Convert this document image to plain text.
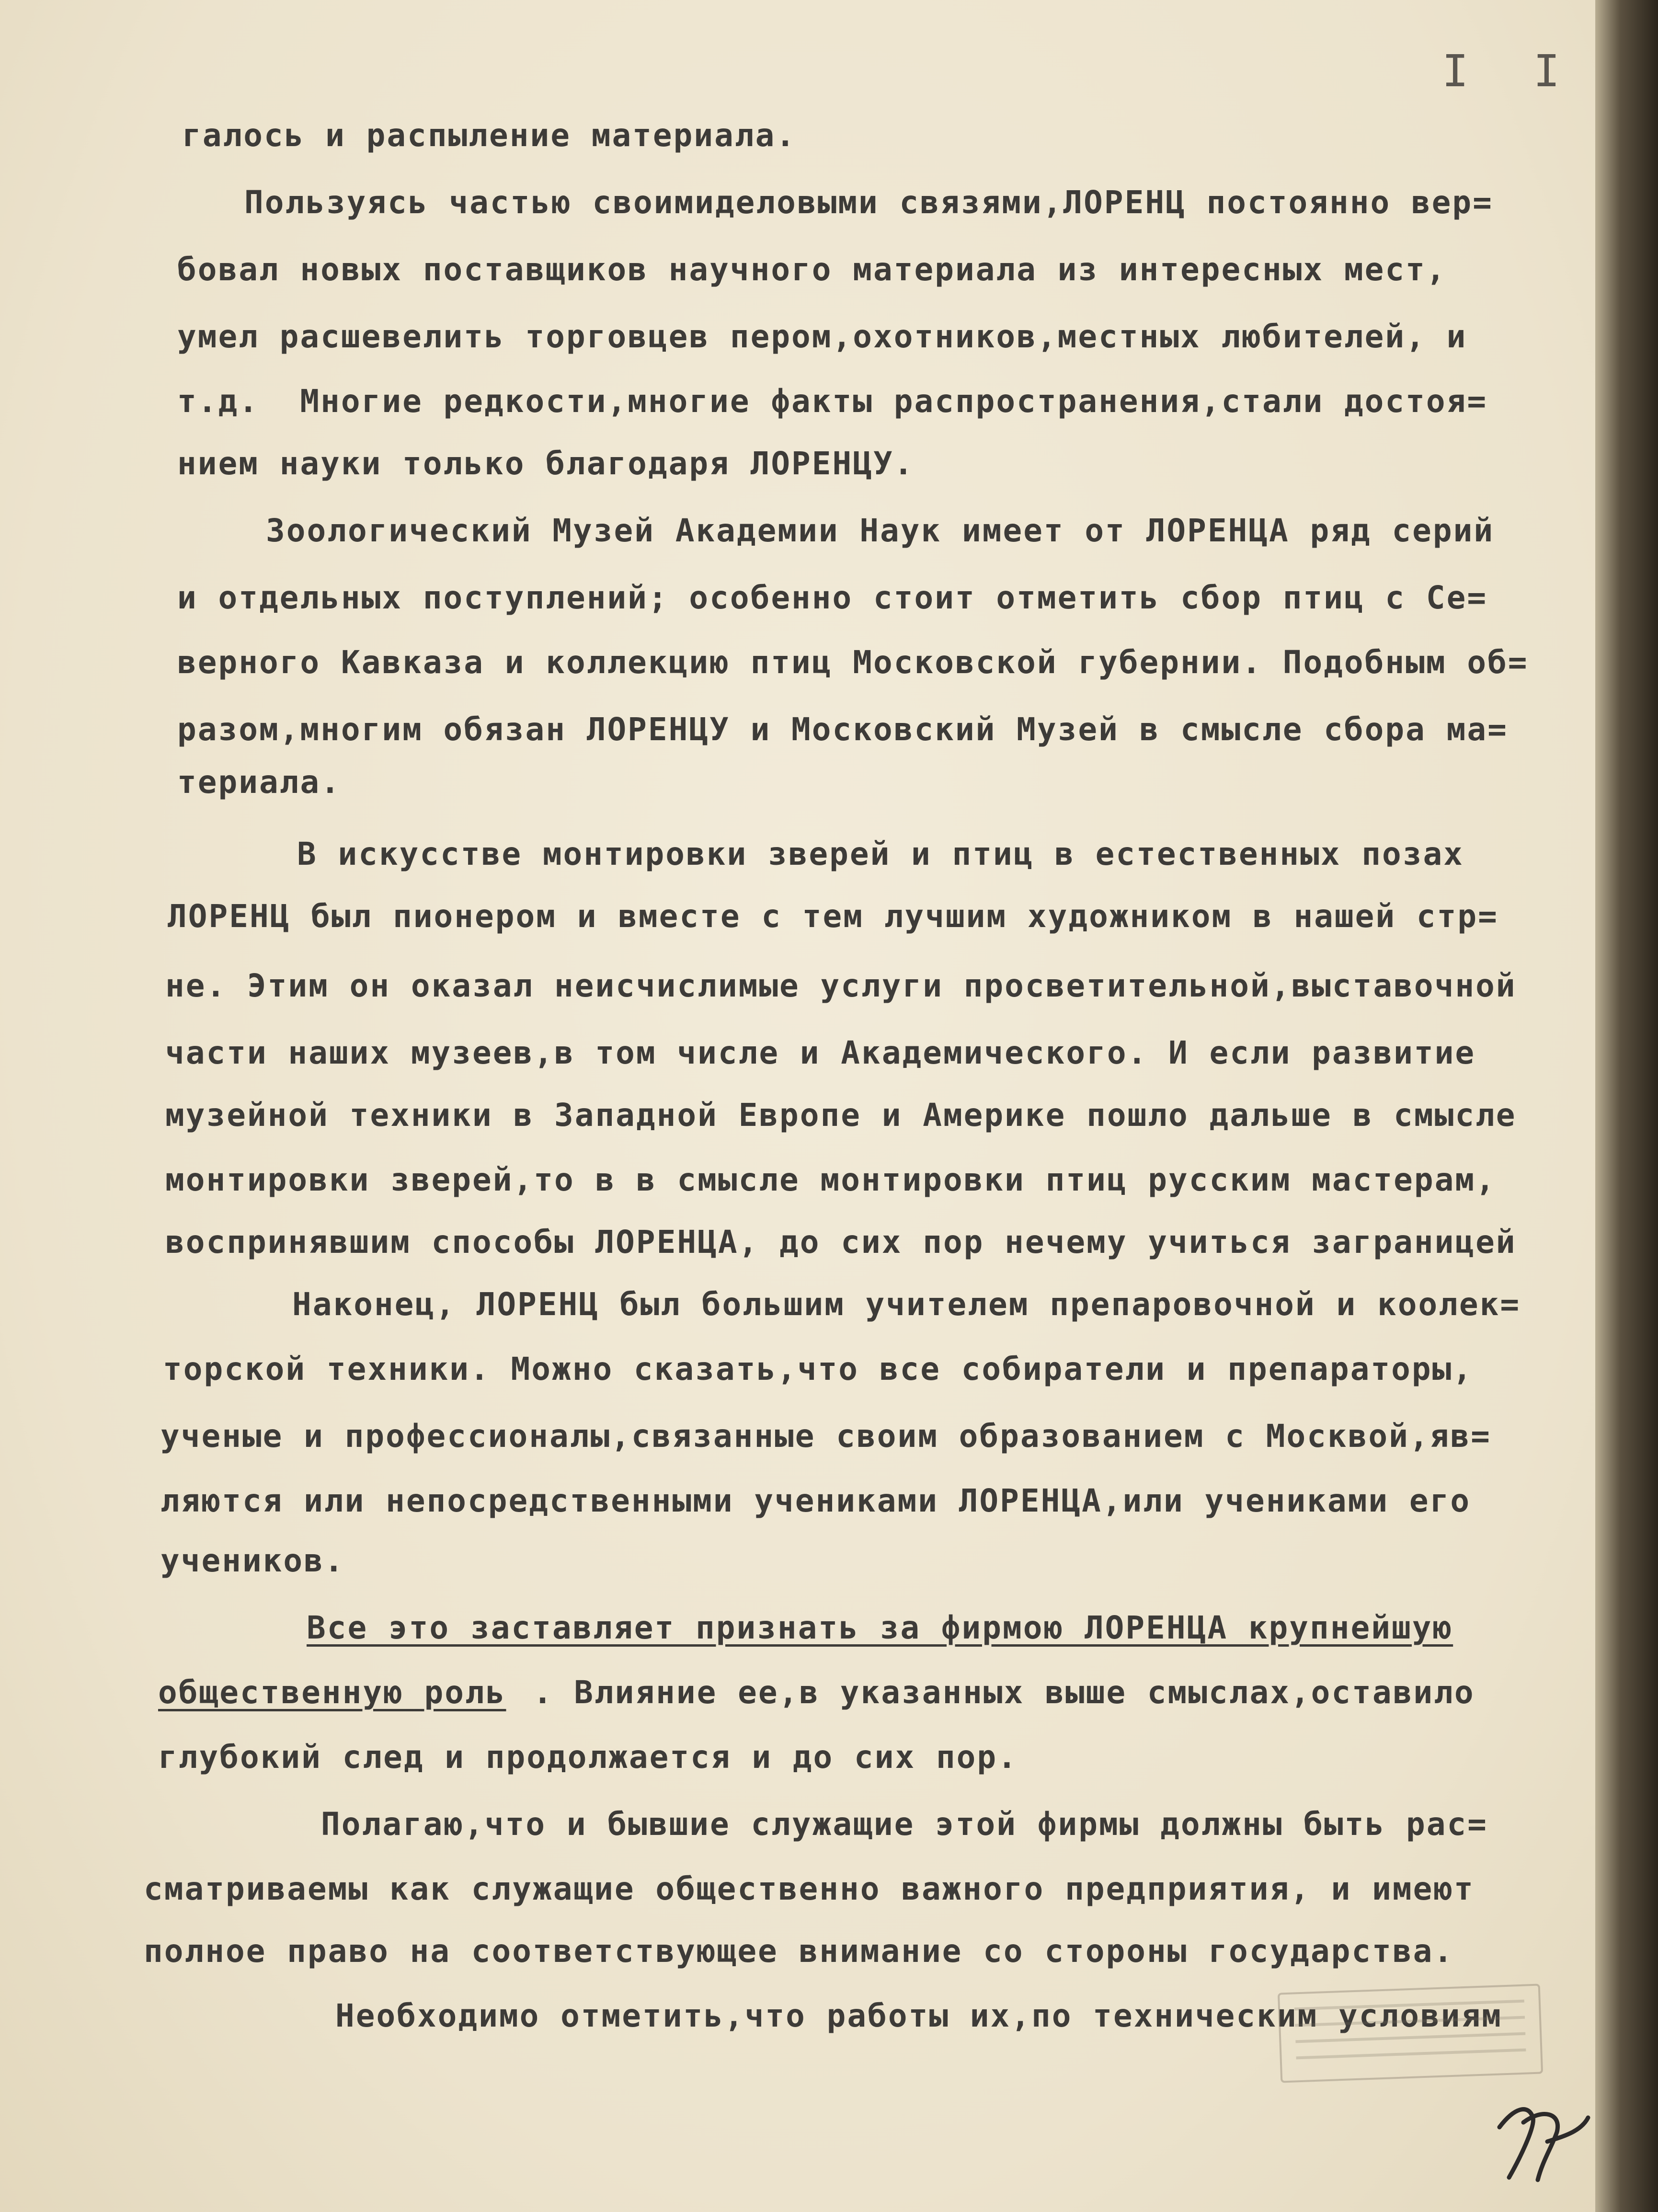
I I
галось и распыление материала.
Пользуясь частью своимиделовыми связями,ЛОРЕНЦ постоянно вер=
бовал новых поставщиков научного материала из интересных мест,
умел расшевелить торговцев пером,охотников,местных любителей, и
т.д.  Многие редкости,многие факты распространения,стали достоя=
нием науки только благодаря ЛОРЕНЦУ.
Зоологический Музей Академии Наук имеет от ЛОРЕНЦА ряд серий
и отдельных поступлений; особенно стоит отметить сбор птиц с Се=
верного Кавказа и коллекцию птиц Московской губернии. Подобным об=
разом,многим обязан ЛОРЕНЦУ и Московский Музей в смысле сбора ма=
териала.
В искусстве монтировки зверей и птиц в естественных позах
ЛОРЕНЦ был пионером и вместе с тем лучшим художником в нашей стр=
не. Этим он оказал неисчислимые услуги просветительной,выставочной
части наших музеев,в том числе и Академического. И если развитие
музейной техники в Западной Европе и Америке пошло дальше в смысле
монтировки зверей,то в в смысле монтировки птиц русским мастерам,
воспринявшим способы ЛОРЕНЦА, до сих пор нечему учиться заграницей
Наконец, ЛОРЕНЦ был большим учителем препаровочной и коолек=
торской техники. Можно сказать,что все собиратели и препараторы,
ученые и профессионалы,связанные своим образованием с Москвой,яв=
ляются или непосредственными учениками ЛОРЕНЦА,или учениками его
учеников.
Все это заставляет признать за фирмою ЛОРЕНЦА крупнейшую
общественную роль . Влияние ее,в указанных выше смыслах,оставило
глубокий след и продолжается и до сих пор.
Полагаю,что и бывшие служащие этой фирмы должны быть рас=
сматриваемы как служащие общественно важного предприятия, и имеют
полное право на соответствующее внимание со стороны государства.
Необходимо отметить,что работы их,по техническим условиям
